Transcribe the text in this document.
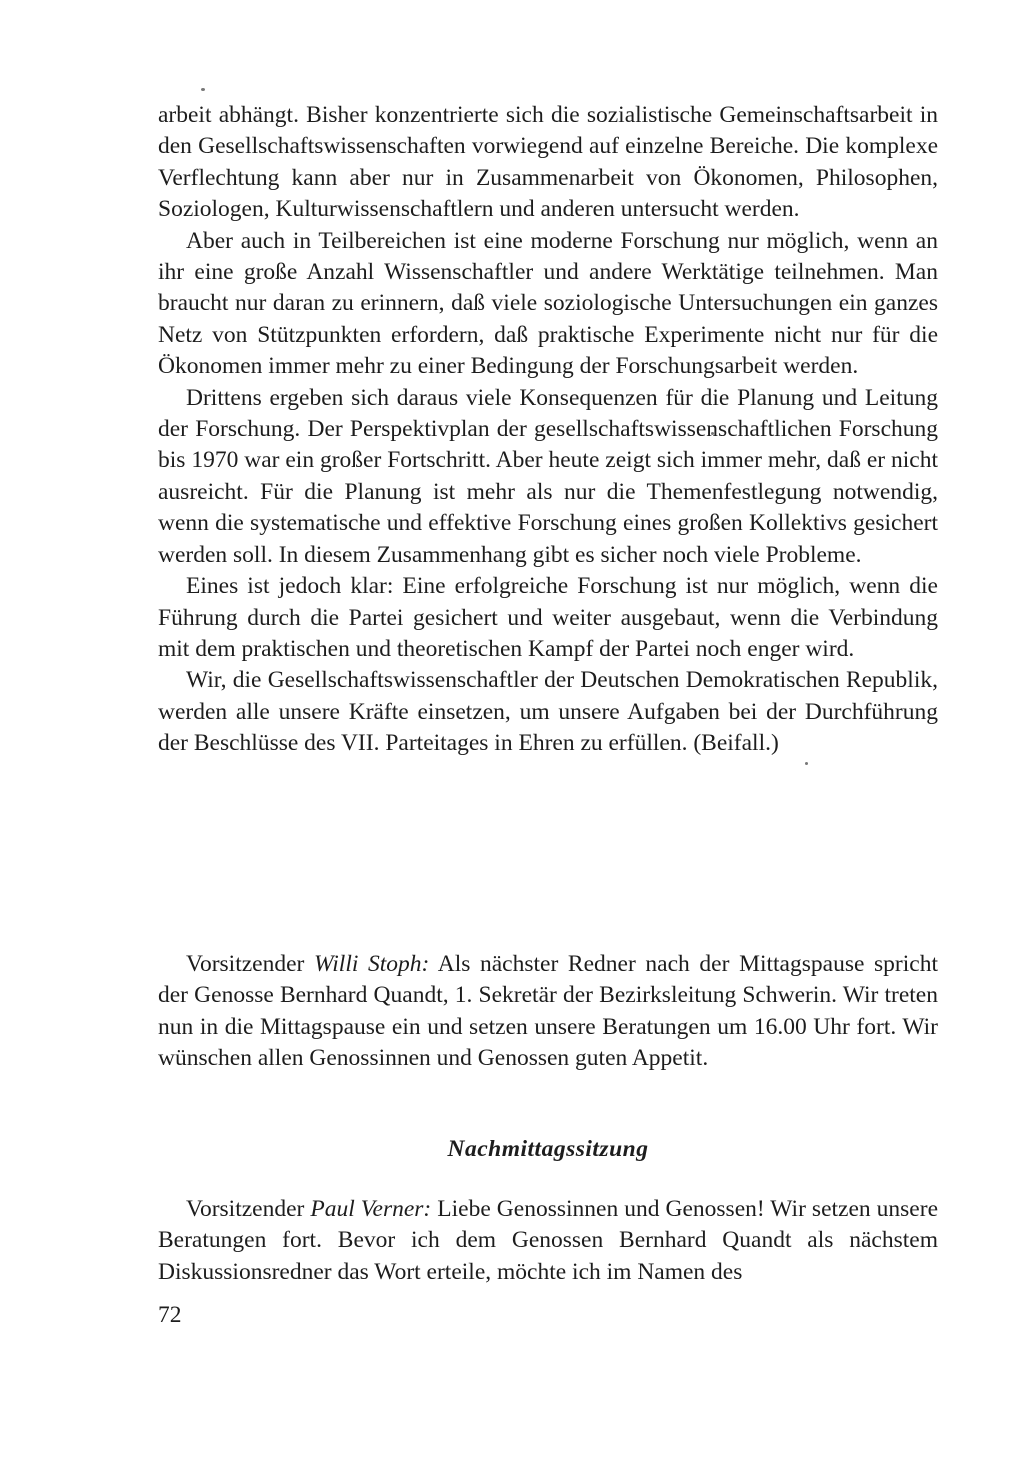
arbeit abhängt. Bisher konzentrierte sich die sozialistische Gemeinschaftsarbeit in den Gesellschaftswissenschaften vorwiegend auf einzelne Bereiche. Die komplexe Verflechtung kann aber nur in Zusammenarbeit von Ökonomen, Philosophen, Soziologen, Kulturwissenschaftlern und anderen untersucht werden.

Aber auch in Teilbereichen ist eine moderne Forschung nur möglich, wenn an ihr eine große Anzahl Wissenschaftler und andere Werktätige teilnehmen. Man braucht nur daran zu erinnern, daß viele soziologische Untersuchungen ein ganzes Netz von Stützpunkten erfordern, daß praktische Experimente nicht nur für die Ökonomen immer mehr zu einer Bedingung der Forschungsarbeit werden.

Drittens ergeben sich daraus viele Konsequenzen für die Planung und Leitung der Forschung. Der Perspektivplan der gesellschaftswissenschaftlichen Forschung bis 1970 war ein großer Fortschritt. Aber heute zeigt sich immer mehr, daß er nicht ausreicht. Für die Planung ist mehr als nur die Themenfestlegung notwendig, wenn die systematische und effektive Forschung eines großen Kollektivs gesichert werden soll. In diesem Zusammenhang gibt es sicher noch viele Probleme.

Eines ist jedoch klar: Eine erfolgreiche Forschung ist nur möglich, wenn die Führung durch die Partei gesichert und weiter ausgebaut, wenn die Verbindung mit dem praktischen und theoretischen Kampf der Partei noch enger wird.

Wir, die Gesellschaftswissenschaftler der Deutschen Demokratischen Republik, werden alle unsere Kräfte einsetzen, um unsere Aufgaben bei der Durchführung der Beschlüsse des VII. Parteitages in Ehren zu erfüllen. (Beifall.)

Vorsitzender Willi Stoph: Als nächster Redner nach der Mittagspause spricht der Genosse Bernhard Quandt, 1. Sekretär der Bezirksleitung Schwerin. Wir treten nun in die Mittagspause ein und setzen unsere Beratungen um 16.00 Uhr fort. Wir wünschen allen Genossinnen und Genossen guten Appetit.

Nachmittagssitzung

Vorsitzender Paul Verner: Liebe Genossinnen und Genossen! Wir setzen unsere Beratungen fort. Bevor ich dem Genossen Bernhard Quandt als nächstem Diskussionsredner das Wort erteile, möchte ich im Namen des

72
